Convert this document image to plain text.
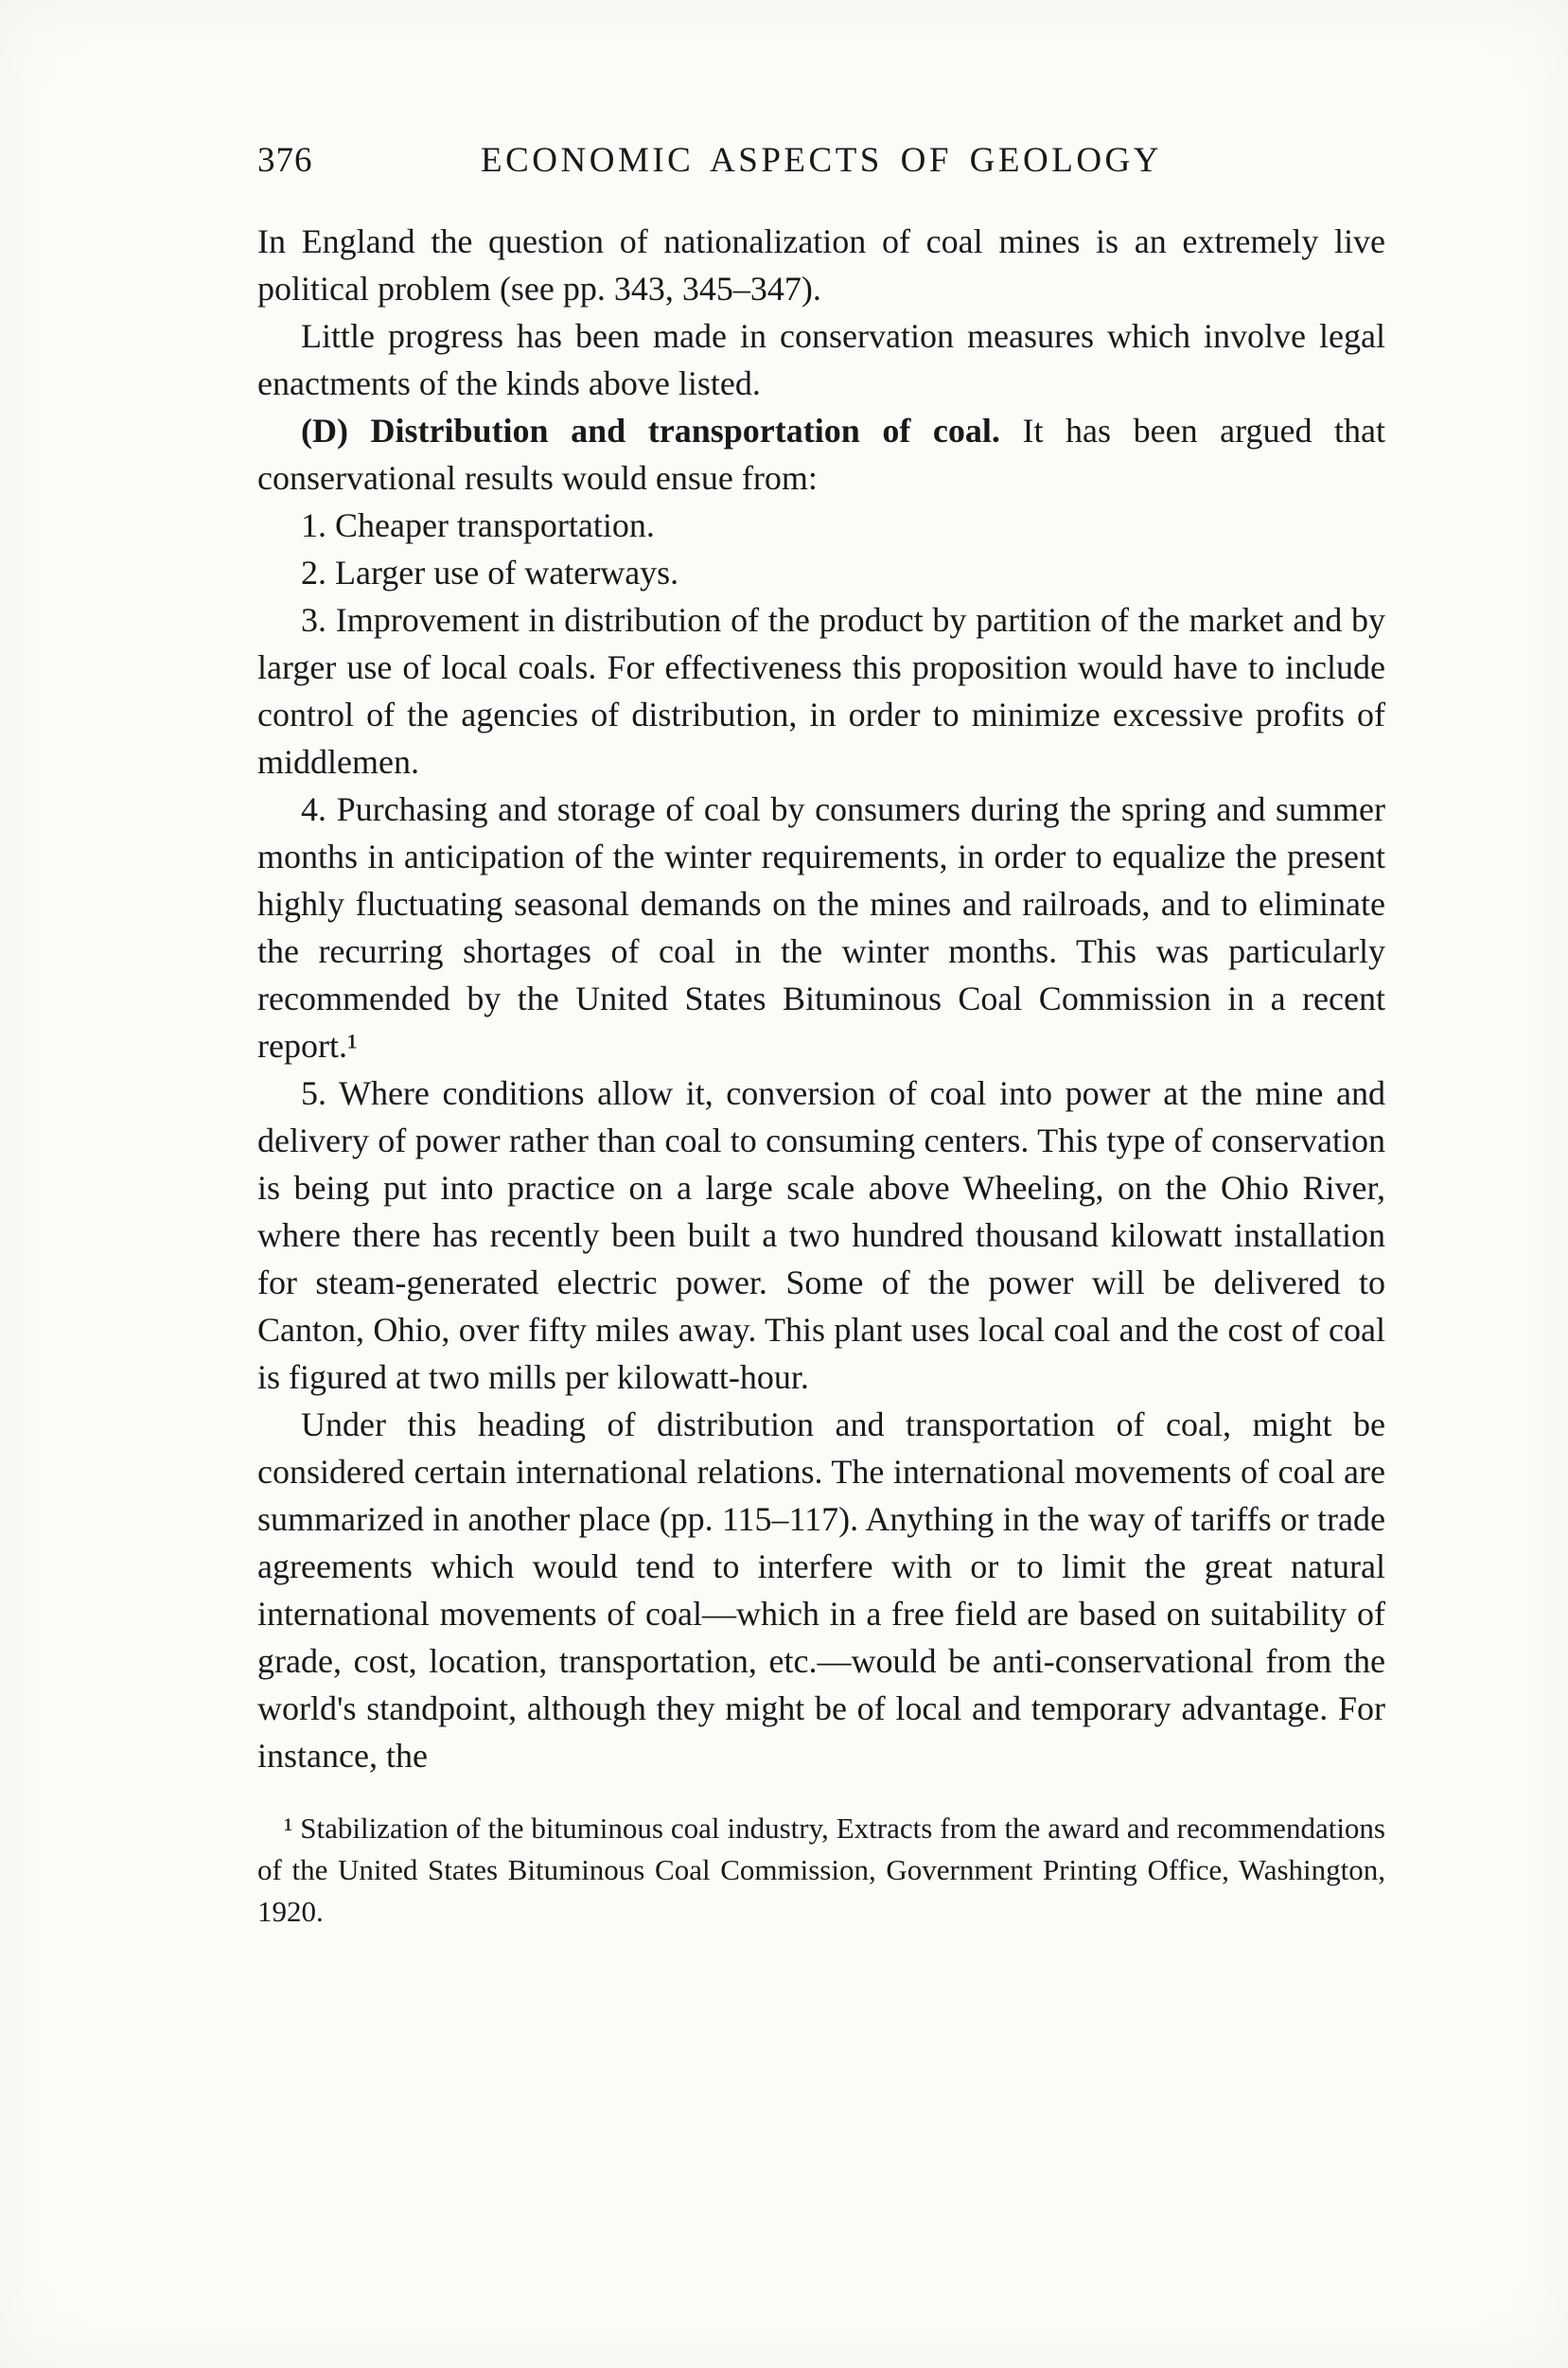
376	ECONOMIC ASPECTS OF GEOLOGY

In England the question of nationalization of coal mines is an extremely live political problem (see pp. 343, 345–347).

Little progress has been made in conservation measures which involve legal enactments of the kinds above listed.

(D) Distribution and transportation of coal. It has been argued that conservational results would ensue from:

1. Cheaper transportation.

2. Larger use of waterways.

3. Improvement in distribution of the product by partition of the market and by larger use of local coals. For effectiveness this proposition would have to include control of the agencies of distribution, in order to minimize excessive profits of middlemen.

4. Purchasing and storage of coal by consumers during the spring and summer months in anticipation of the winter requirements, in order to equalize the present highly fluctuating seasonal demands on the mines and railroads, and to eliminate the recurring shortages of coal in the winter months. This was particularly recommended by the United States Bituminous Coal Commission in a recent report.¹

5. Where conditions allow it, conversion of coal into power at the mine and delivery of power rather than coal to consuming centers. This type of conservation is being put into practice on a large scale above Wheeling, on the Ohio River, where there has recently been built a two hundred thousand kilowatt installation for steam-generated electric power. Some of the power will be delivered to Canton, Ohio, over fifty miles away. This plant uses local coal and the cost of coal is figured at two mills per kilowatt-hour.

Under this heading of distribution and transportation of coal, might be considered certain international relations. The international movements of coal are summarized in another place (pp. 115–117). Anything in the way of tariffs or trade agreements which would tend to interfere with or to limit the great natural international movements of coal—which in a free field are based on suitability of grade, cost, location, transportation, etc.—would be anti-conservational from the world's standpoint, although they might be of local and temporary advantage. For instance, the

¹ Stabilization of the bituminous coal industry, Extracts from the award and recommendations of the United States Bituminous Coal Commission, Government Printing Office, Washington, 1920.
